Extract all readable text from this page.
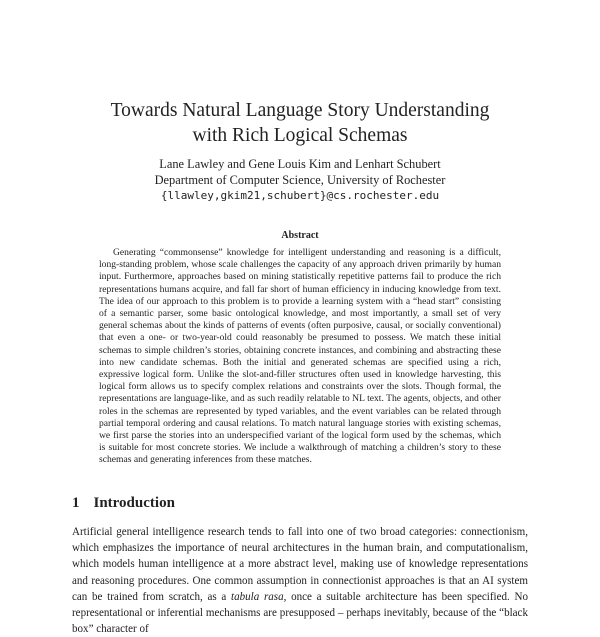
Towards Natural Language Story Understanding
with Rich Logical Schemas
Lane Lawley and Gene Louis Kim and Lenhart Schubert
Department of Computer Science, University of Rochester
{llawley,gkim21,schubert}@cs.rochester.edu
Abstract

Generating “commonsense” knowledge for intelligent understanding and reasoning is a difficult, long-standing problem, whose scale challenges the capacity of any approach driven primarily by human input. Furthermore, approaches based on mining statistically repetitive patterns fail to produce the rich representations humans acquire, and fall far short of human efficiency in inducing knowledge from text. The idea of our approach to this problem is to provide a learning system with a “head start” consisting of a semantic parser, some basic ontological knowledge, and most importantly, a small set of very general schemas about the kinds of patterns of events (often purposive, causal, or socially conventional) that even a one- or two-year-old could reasonably be presumed to possess. We match these initial schemas to simple children’s stories, obtaining concrete instances, and combining and abstracting these into new candidate schemas. Both the initial and generated schemas are specified using a rich, expressive logical form. Unlike the slot-and-filler structures often used in knowledge harvesting, this logical form allows us to specify complex relations and constraints over the slots. Though formal, the representations are language-like, and as such readily relatable to NL text. The agents, objects, and other roles in the schemas are represented by typed variables, and the event variables can be related through partial temporal ordering and causal relations. To match natural language stories with existing schemas, we first parse the stories into an underspecified variant of the logical form used by the schemas, which is suitable for most concrete stories. We include a walkthrough of matching a children’s story to these schemas and generating inferences from these matches.

1 Introduction

Artificial general intelligence research tends to fall into one of two broad categories: connectionism, which emphasizes the importance of neural architectures in the human brain, and computationalism, which models human intelligence at a more abstract level, making use of knowledge representations and reasoning procedures. One common assumption in connectionist approaches is that an AI system can be trained from scratch, as a tabula rasa, once a suitable architecture has been specified. No representational or inferential mechanisms are presupposed – perhaps inevitably, because of the “black box” character of
